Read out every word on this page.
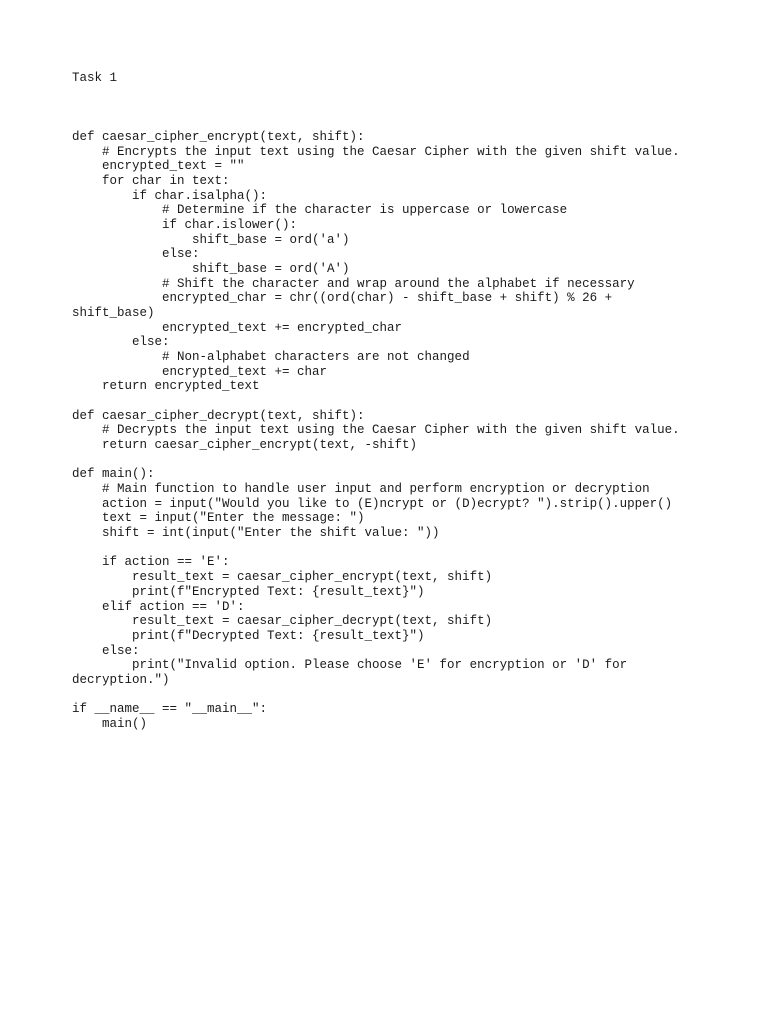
Task 1
def caesar_cipher_encrypt(text, shift):
# Encrypts the input text using the Caesar Cipher with the given shift value.
encrypted_text = ""
for char in text:
if char.isalpha():
# Determine if the character is uppercase or lowercase
if char.islower():
shift_base = ord('a')
else:
shift_base = ord('A')
# Shift the character and wrap around the alphabet if necessary
encrypted_char = chr((ord(char) - shift_base + shift) % 26 +
shift_base)
encrypted_text += encrypted_char
else:
# Non-alphabet characters are not changed
encrypted_text += char
return encrypted_text
def caesar_cipher_decrypt(text, shift):
# Decrypts the input text using the Caesar Cipher with the given shift value.
return caesar_cipher_encrypt(text, -shift)
def main():
# Main function to handle user input and perform encryption or decryption
action = input("Would you like to (E)ncrypt or (D)ecrypt? ").strip().upper()
text = input("Enter the message: ")
shift = int(input("Enter the shift value: "))
if action == 'E':
result_text = caesar_cipher_encrypt(text, shift)
print(f"Encrypted Text: {result_text}")
elif action == 'D':
result_text = caesar_cipher_decrypt(text, shift)
print(f"Decrypted Text: {result_text}")
else:
print("Invalid option. Please choose 'E' for encryption or 'D' for
decryption.")
if __name__ == "__main__":
main()
